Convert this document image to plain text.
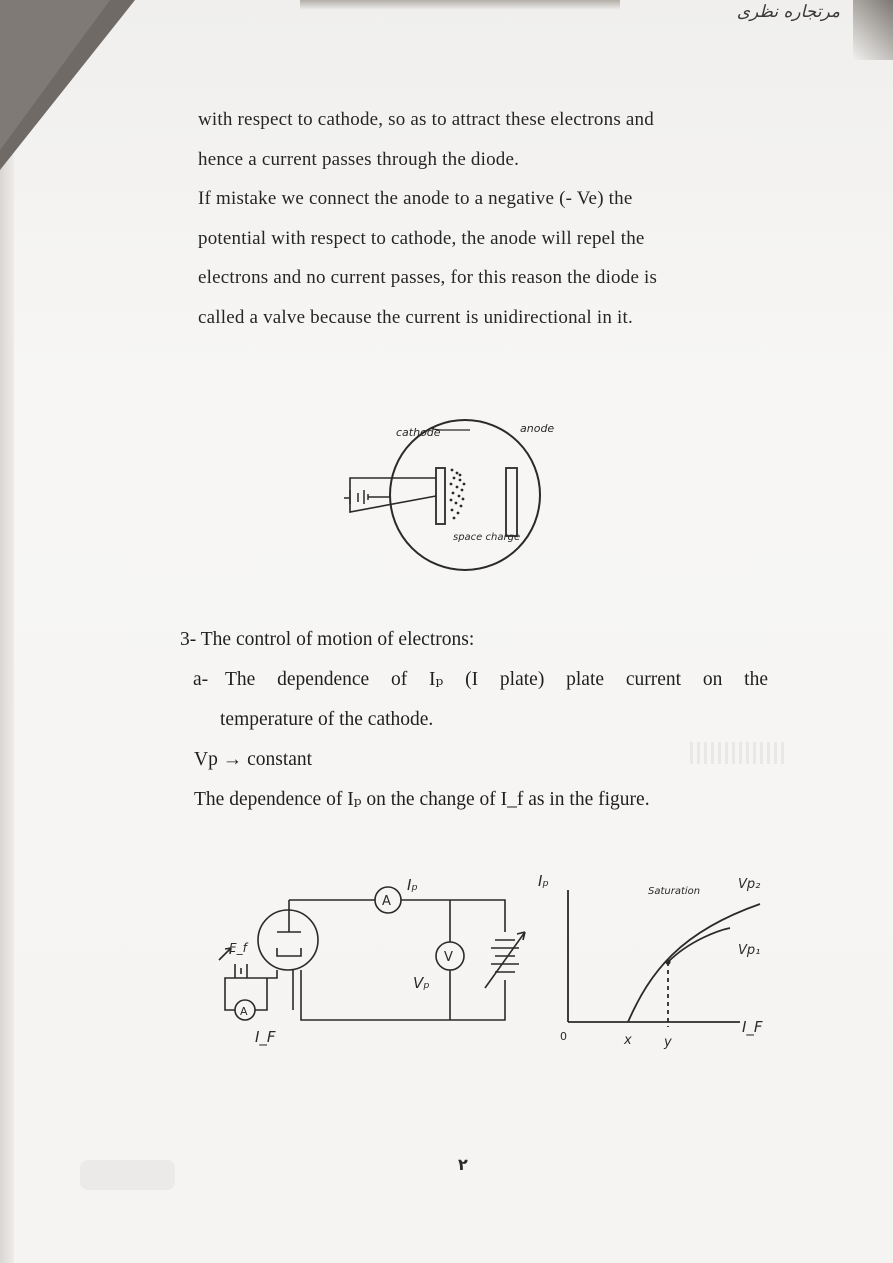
مرتجاره نظری

with respect to cathode, so as to attract these electrons and

hence a current passes through the diode.

If mistake we connect the anode to a negative (- Ve) the

potential with respect to cathode, the anode will repel the

electrons and no current passes, for this reason the diode is

called a valve because the current is unidirectional in it.

cathode	anode
space charge
3- The control of motion of electrons:
a- The dependence of Iₚ (I plate) plate current on the
temperature of the cathode.
Vp → constant
The dependence of Iₚ on the change of I_f as in the figure.
A
V
A
Iₚ
Vₚ
E_f
I_F
Iₚ
0
Saturation	Vp₂
Vp₁
x y
I_F
٢
